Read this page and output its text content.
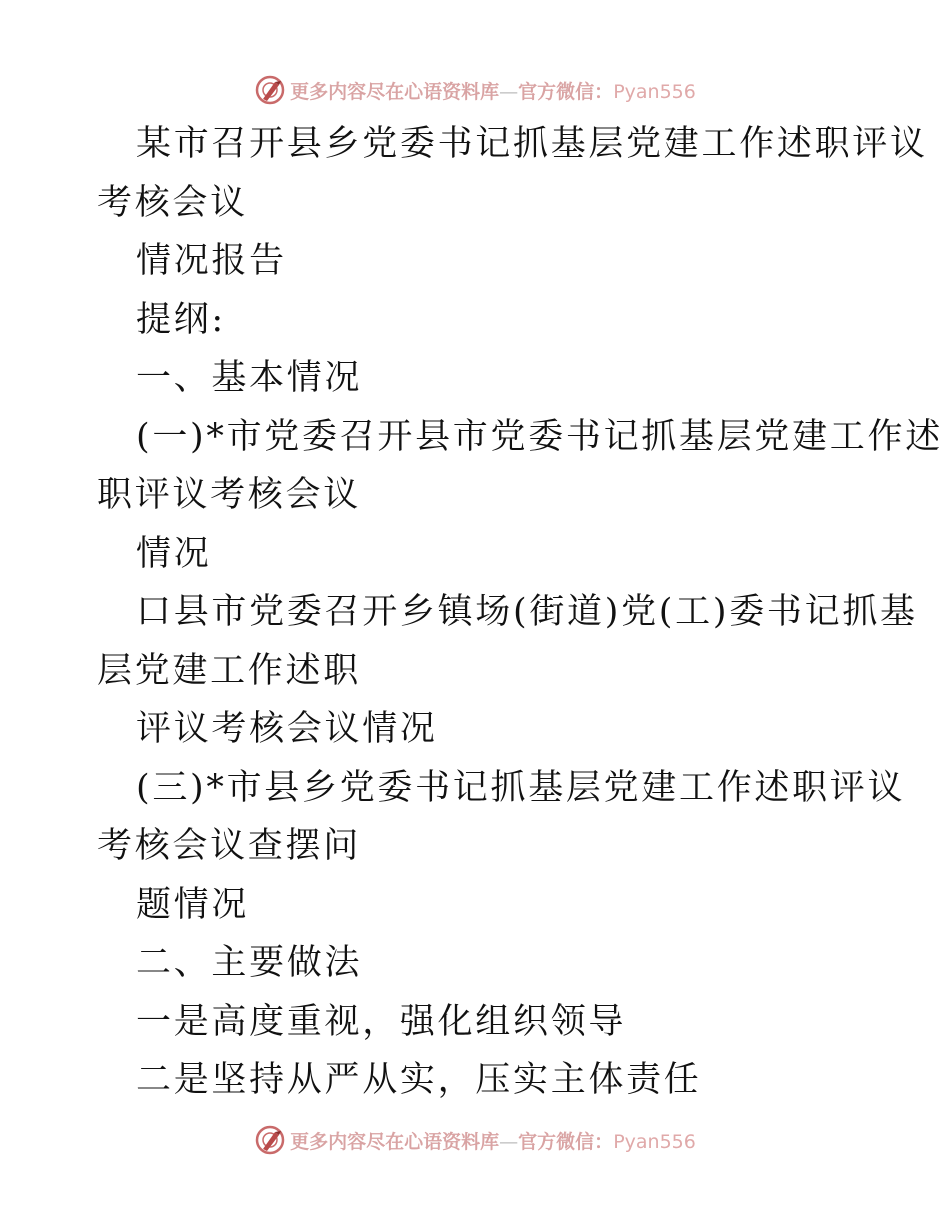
更多内容尽在心语资料库—官方微信：Pyan556
某市召开县乡党委书记抓基层党建工作述职评议
考核会议
情况报告
提纲:
一、基本情况
(一)*市党委召开县市党委书记抓基层党建工作述
职评议考核会议
情况
口县市党委召开乡镇场(街道)党(工)委书记抓基
层党建工作述职
评议考核会议情况
(三)*市县乡党委书记抓基层党建工作述职评议
考核会议查摆问
题情况
二、主要做法
一是高度重视，强化组织领导
二是坚持从严从实，压实主体责任
更多内容尽在心语资料库—官方微信：Pyan556
